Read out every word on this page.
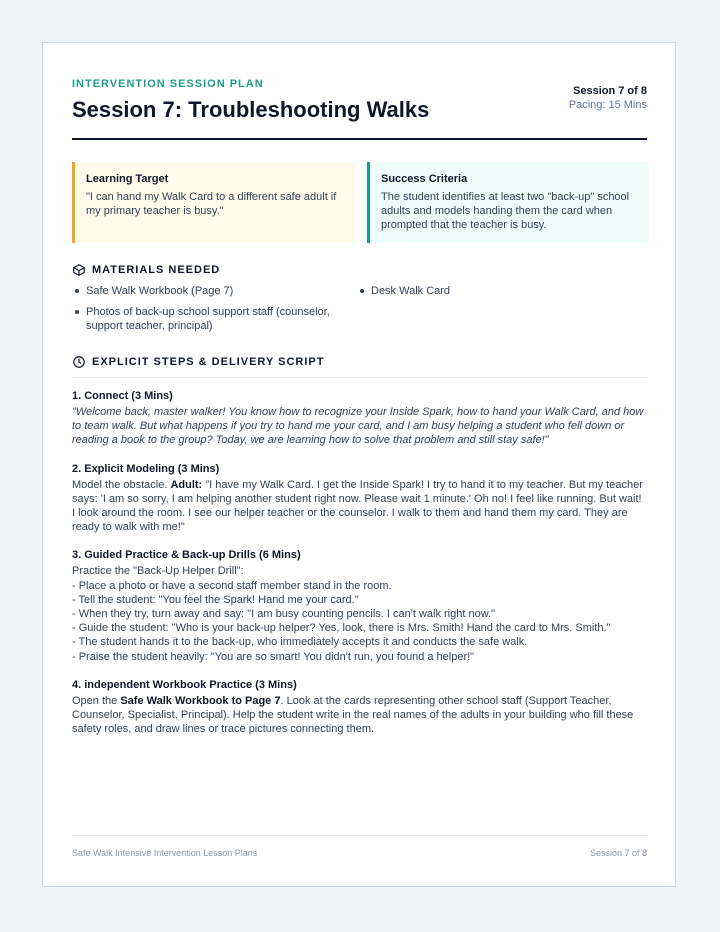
INTERVENTION SESSION PLAN
Session 7: Troubleshooting Walks
Session 7 of 8
Pacing: 15 Mins
Learning Target

"I can hand my Walk Card to a different safe adult if my primary teacher is busy."

Success Criteria

The student identifies at least two "back-up" school adults and models handing them the card when prompted that the teacher is busy.

MATERIALS NEEDED
Safe Walk Workbook (Page 7)	Desk Walk Card
Photos of back-up school support staff (counselor, support teacher, principal)
EXPLICIT STEPS & DELIVERY SCRIPT
1. Connect (3 Mins)

"Welcome back, master walker! You know how to recognize your Inside Spark, how to hand your Walk Card, and how to team walk. But what happens if you try to hand me your card, and I am busy helping a student who fell down or reading a book to the group? Today, we are learning how to solve that problem and still stay safe!"

2. Explicit Modeling (3 Mins)

Model the obstacle. Adult: "I have my Walk Card. I get the Inside Spark! I try to hand it to my teacher. But my teacher says: 'I am so sorry, I am helping another student right now. Please wait 1 minute.' Oh no! I feel like running. But wait! I look around the room. I see our helper teacher or the counselor. I walk to them and hand them my card. They are ready to walk with me!"

3. Guided Practice & Back-up Drills (6 Mins)
Practice the "Back-Up Helper Drill":
- Place a photo or have a second staff member stand in the room.
- Tell the student: "You feel the Spark! Hand me your card."
- When they try, turn away and say: "I am busy counting pencils. I can't walk right now."
- Guide the student: "Who is your back-up helper? Yes, look, there is Mrs. Smith! Hand the card to Mrs. Smith."
- The student hands it to the back-up, who immediately accepts it and conducts the safe walk.
- Praise the student heavily: "You are so smart! You didn't run, you found a helper!"
4. independent Workbook Practice (3 Mins)

Open the Safe Walk Workbook to Page 7. Look at the cards representing other school staff (Support Teacher, Counselor, Specialist, Principal). Help the student write in the real names of the adults in your building who fill these safety roles, and draw lines or trace pictures connecting them.

Safe Walk Intensive Intervention Lesson Plans	Session 7 of 8
